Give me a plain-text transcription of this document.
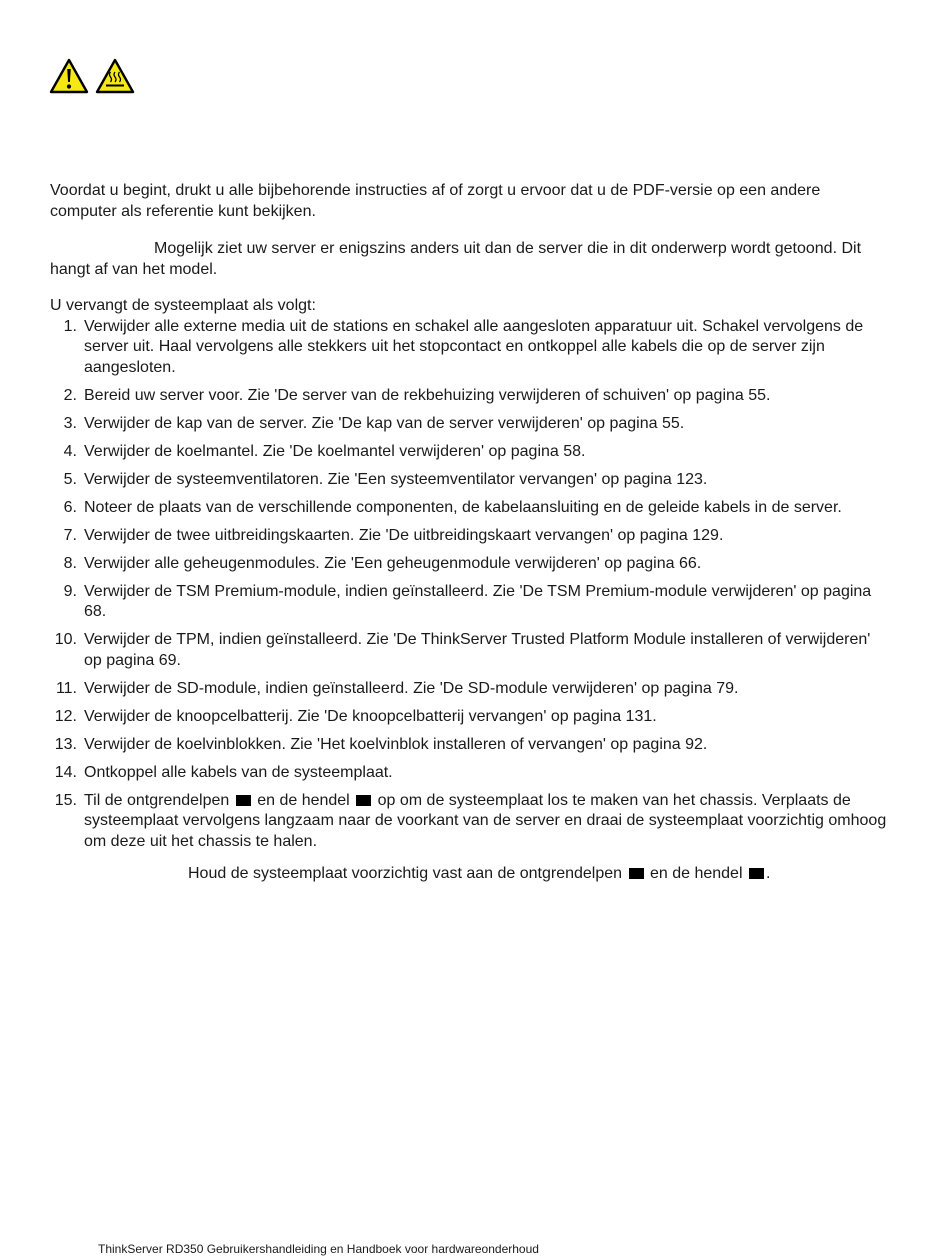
Voordat u begint, drukt u alle bijbehorende instructies af of zorgt u ervoor dat u de PDF-versie op een andere computer als referentie kunt bekijken.

Mogelijk ziet uw server er enigszins anders uit dan de server die in dit onderwerp wordt getoond. Dit hangt af van het model.

U vervangt de systeemplaat als volgt:

1. Verwijder alle externe media uit de stations en schakel alle aangesloten apparatuur uit. Schakel vervolgens de server uit. Haal vervolgens alle stekkers uit het stopcontact en ontkoppel alle kabels die op de server zijn aangesloten.
2. Bereid uw server voor. Zie 'De server van de rekbehuizing verwijderen of schuiven' op pagina 55.
3. Verwijder de kap van de server. Zie 'De kap van de server verwijderen' op pagina 55.
4. Verwijder de koelmantel. Zie 'De koelmantel verwijderen' op pagina 58.
5. Verwijder de systeemventilatoren. Zie 'Een systeemventilator vervangen' op pagina 123.
6. Noteer de plaats van de verschillende componenten, de kabelaansluiting en de geleide kabels in de server.
7. Verwijder de twee uitbreidingskaarten. Zie 'De uitbreidingskaart vervangen' op pagina 129.
8. Verwijder alle geheugenmodules. Zie 'Een geheugenmodule verwijderen' op pagina 66.
9. Verwijder de TSM Premium-module, indien geïnstalleerd. Zie 'De TSM Premium-module verwijderen' op pagina 68.
10. Verwijder de TPM, indien geïnstalleerd. Zie 'De ThinkServer Trusted Platform Module installeren of verwijderen' op pagina 69.
11. Verwijder de SD-module, indien geïnstalleerd. Zie 'De SD-module verwijderen' op pagina 79.
12. Verwijder de knoopcelbatterij. Zie 'De knoopcelbatterij vervangen' op pagina 131.
13. Verwijder de koelvinblokken. Zie 'Het koelvinblok installeren of vervangen' op pagina 92.
14. Ontkoppel alle kabels van de systeemplaat.
15. Til de ontgrendelpen en de hendel op om de systeemplaat los te maken van het chassis. Verplaats de systeemplaat vervolgens langzaam naar de voorkant van de server en draai de systeemplaat voorzichtig omhoog om deze uit het chassis te halen.

Houd de systeemplaat voorzichtig vast aan de ontgrendelpen en de hendel .

ThinkServer RD350 Gebruikershandleiding en Handboek voor hardwareonderhoud
